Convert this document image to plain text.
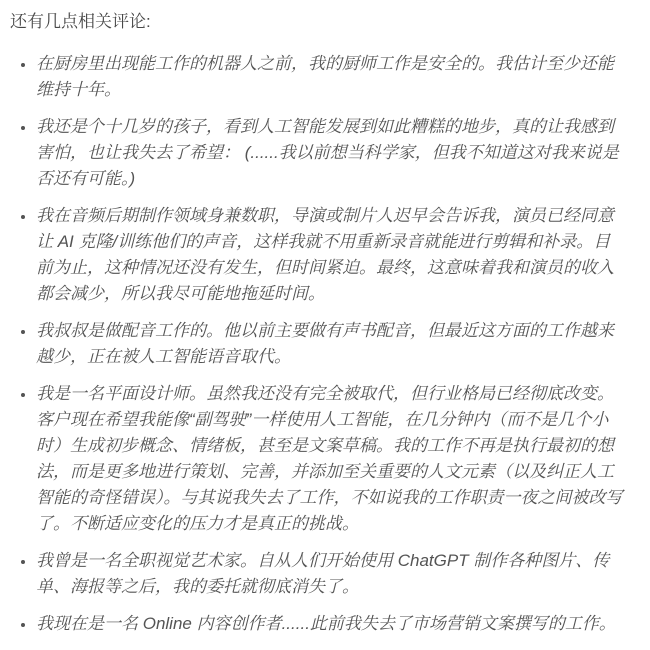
还有几点相关评论:

• 在厨房里出现能工作的机器人之前，我的厨师工作是安全的。我估计至少还能维持十年。
• 我还是个十几岁的孩子，看到人工智能发展到如此糟糕的地步，真的让我感到害怕，也让我失去了希望： (......我以前想当科学家，但我不知道这对我来说是否还有可能。)
• 我在音频后期制作领域身兼数职，导演或制片人迟早会告诉我，演员已经同意让 AI 克隆/训练他们的声音，这样我就不用重新录音就能进行剪辑和补录。目前为止，这种情况还没有发生，但时间紧迫。最终，这意味着我和演员的收入都会减少，所以我尽可能地拖延时间。
• 我叔叔是做配音工作的。他以前主要做有声书配音，但最近这方面的工作越来越少，正在被人工智能语音取代。
• 我是一名平面设计师。虽然我还没有完全被取代，但行业格局已经彻底改变。客户现在希望我能像“副驾驶”一样使用人工智能，在几分钟内（而不是几个小时）生成初步概念、情绪板，甚至是文案草稿。我的工作不再是执行最初的想法，而是更多地进行策划、完善，并添加至关重要的人文元素（以及纠正人工智能的奇怪错误）。与其说我失去了工作，不如说我的工作职责一夜之间被改写了。不断适应变化的压力才是真正的挑战。
• 我曾是一名全职视觉艺术家。自从人们开始使用 ChatGPT 制作各种图片、传单、海报等之后，我的委托就彻底消失了。
• 我现在是一名 Online 内容创作者......此前我失去了市场营销文案撰写的工作。
